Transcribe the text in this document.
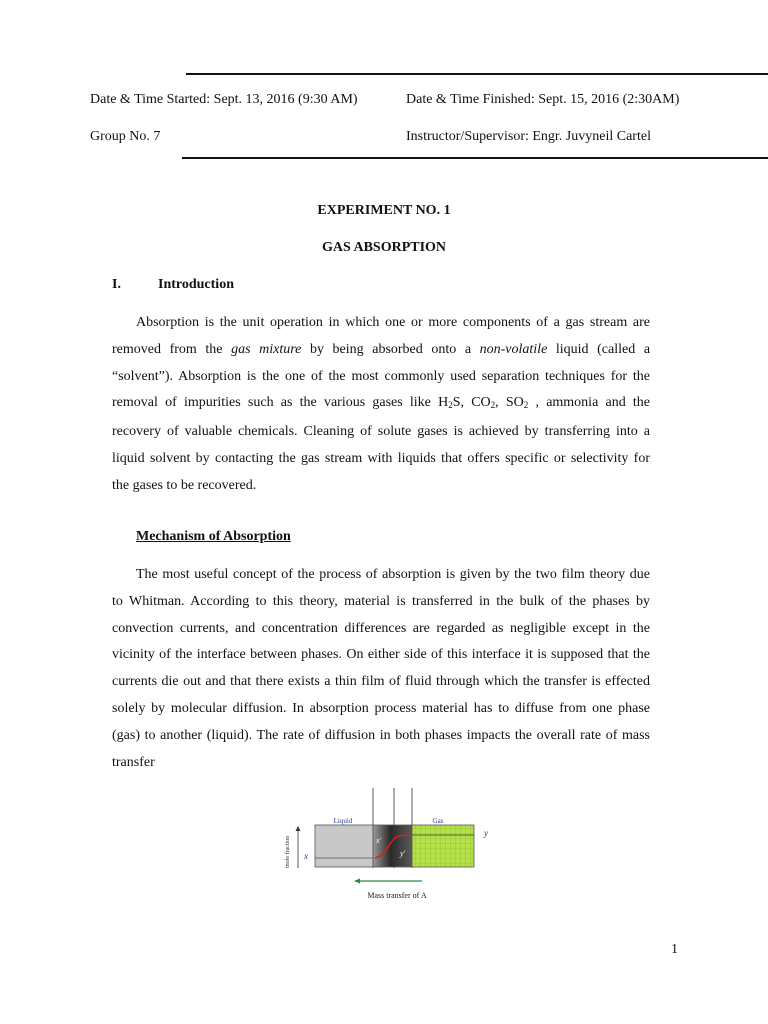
Date & Time Started: Sept. 13, 2016 (9:30 AM)	Date & Time Finished: Sept. 15, 2016 (2:30AM)
Group No. 7	Instructor/Supervisor: Engr. Juvyneil Cartel
EXPERIMENT NO. 1
GAS ABSORPTION
I.	Introduction
Absorption is the unit operation in which one or more components of a gas stream are
removed from the gas mixture by being absorbed onto a non-volatile liquid (called a
“solvent”). Absorption is the one of the most commonly used separation techniques for the
removal of impurities such as the various gases like $H_2S$, $CO_2$, $SO_2$ , ammonia and the
recovery of valuable chemicals. Cleaning of solute gases is achieved by transferring into a
liquid solvent by contacting the gas stream with liquids that offers specific or selectivity for
the gases to be recovered.
Mechanism of Absorption
The most useful concept of the process of absorption is given by the two film theory due
to Whitman. According to this theory, material is transferred in the bulk of the phases by
convection currents, and concentration differences are regarded as negligible except in the
vicinity of the interface between phases. On either side of this interface it is supposed that the
currents die out and that there exists a thin film of fluid through which the transfer is effected
solely by molecular diffusion. In absorption process material has to diffuse from one phase
(gas) to another (liquid). The rate of diffusion in both phases impacts the overall rate of mass
transfer
Liquid	Gas
y
x
x'
y'
mole fraction
Mass transfer of A
1
